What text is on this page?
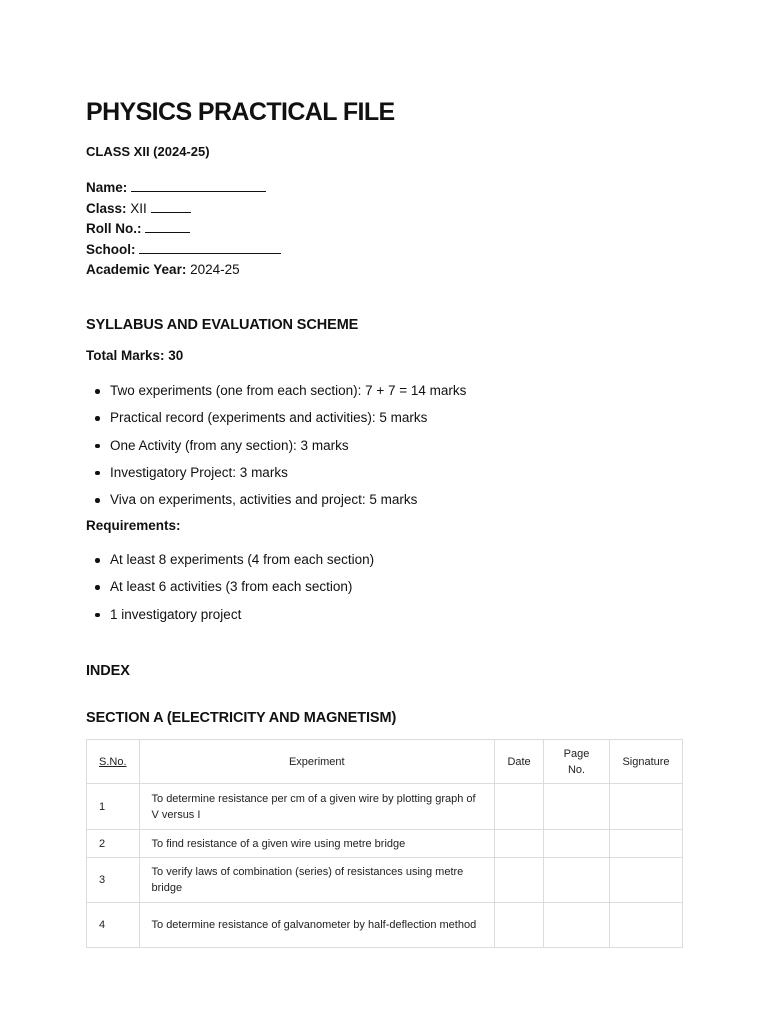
PHYSICS PRACTICAL FILE
CLASS XII (2024-25)
Name:
Class: XII
Roll No.:
School:
Academic Year: 2024-25
SYLLABUS AND EVALUATION SCHEME
Total Marks: 30
Two experiments (one from each section): 7 + 7 = 14 marks
Practical record (experiments and activities): 5 marks
One Activity (from any section): 3 marks
Investigatory Project: 3 marks
Viva on experiments, activities and project: 5 marks
Requirements:
At least 8 experiments (4 from each section)
At least 6 activities (3 from each section)
1 investigatory project
INDEX
SECTION A (ELECTRICITY AND MAGNETISM)
S.No.	Experiment	Date	Page No.	Signature
1	To determine resistance per cm of a given wire by plotting graph of V versus I			
2	To find resistance of a given wire using metre bridge			
3	To verify laws of combination (series) of resistances using metre bridge			
4	To determine resistance of galvanometer by half-deflection method			
